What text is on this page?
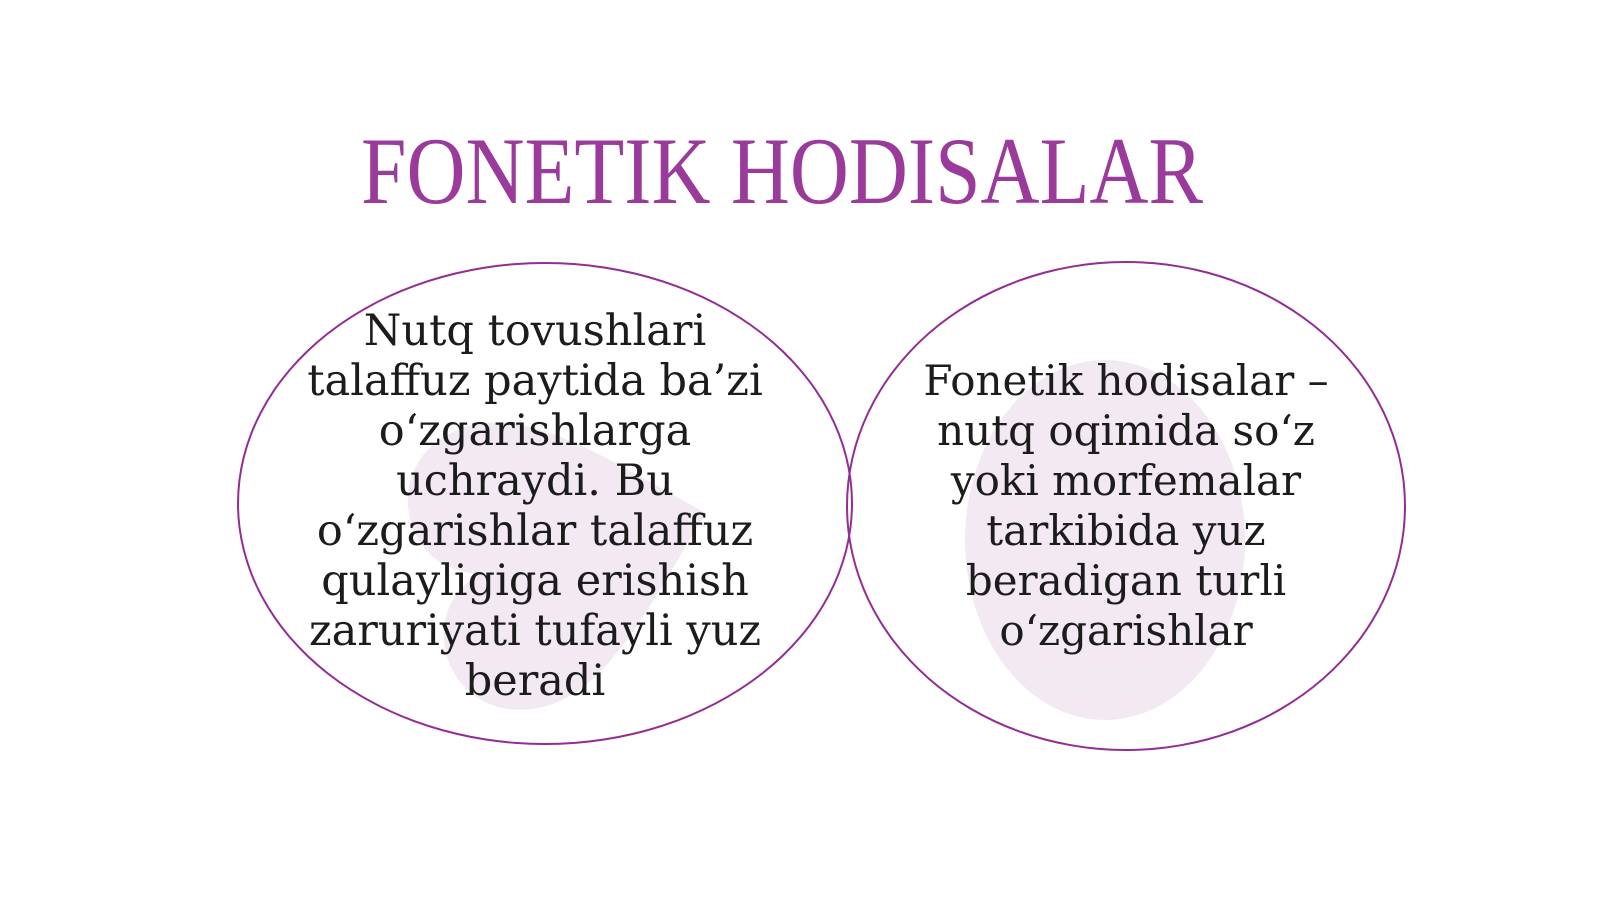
FONETIK HODISALAR
Nutq tovushlari
talaffuz paytida ba’zi
o‘zgarishlarga
uchraydi. Bu
o‘zgarishlar talaffuz
qulayligiga erishish
zaruriyati tufayli yuz
beradi
Fonetik hodisalar –
nutq oqimida so‘z
yoki morfemalar
tarkibida yuz
beradigan turli
o‘zgarishlar
